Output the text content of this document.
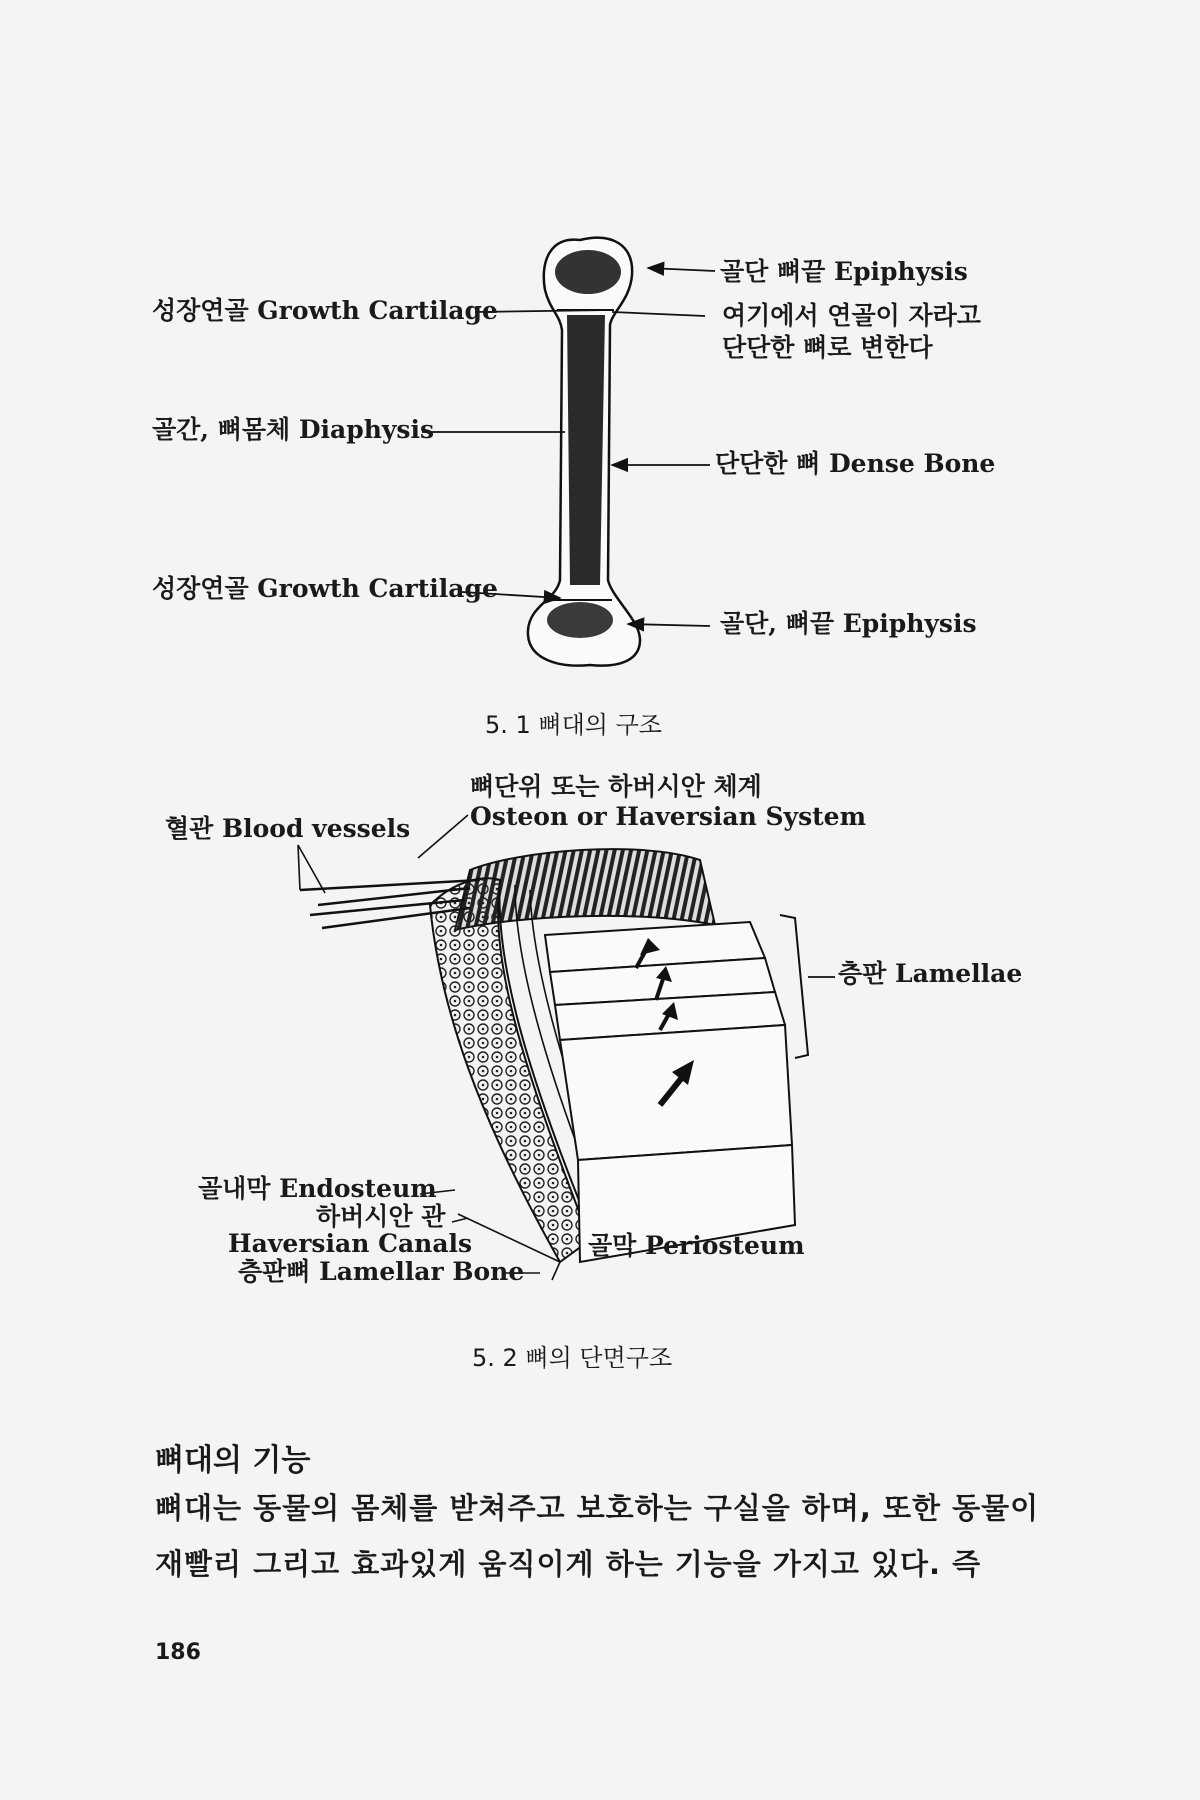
골단 뼈끝 Epiphysis
성장연골 Growth Cartilage	여기에서 연골이 자라고
단단한 뼈로 변한다
골간, 뼈몸체 Diaphysis
단단한 뼈 Dense Bone
성장연골 Growth Cartilage
골단, 뼈끝 Epiphysis
5. 1 뼈대의 구조
뼈단위 또는 하버시안 체계
Osteon or Haversian System
혈관 Blood vessels
층판 Lamellae
골내막 Endosteum
하버시안 관
Haversian Canals
층판뼈 Lamellar Bone
골막 Periosteum
5. 2 뼈의 단면구조
뼈대의 기능
뼈대는 동물의 몸체를 받쳐주고 보호하는 구실을 하며, 또한 동물이 재빨리 그리고 효과있게 움직이게 하는 기능을 가지고 있다. 즉
186
